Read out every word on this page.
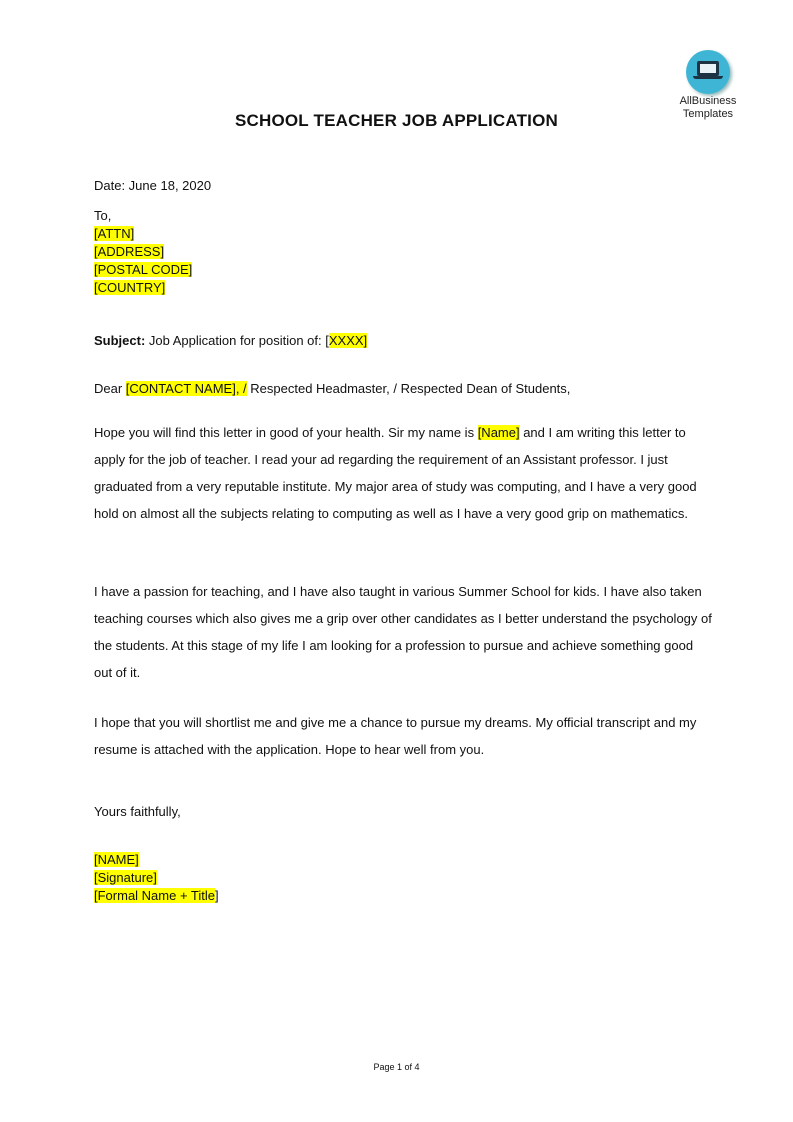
AllBusiness
Templates
SCHOOL TEACHER JOB APPLICATION
Date: June 18, 2020
To,
[ATTN]
[ADDRESS]
[POSTAL CODE]
[COUNTRY]
Subject: Job Application for position of: [XXXX]
Dear [CONTACT NAME], / Respected Headmaster, / Respected Dean of Students,
Hope you will find this letter in good of your health. Sir my name is [Name] and I am writing this letter to apply for the job of teacher. I read your ad regarding the requirement of an Assistant professor. I just graduated from a very reputable institute. My major area of study was computing, and I have a very good hold on almost all the subjects relating to computing as well as I have a very good grip on mathematics.
I have a passion for teaching, and I have also taught in various Summer School for kids. I have also taken teaching courses which also gives me a grip over other candidates as I better understand the psychology of the students. At this stage of my life I am looking for a profession to pursue and achieve something good out of it.
I hope that you will shortlist me and give me a chance to pursue my dreams. My official transcript and my resume is attached with the application. Hope to hear well from you.
Yours faithfully,
[NAME]
[Signature]
[Formal Name + Title]
Page 1 of 4
